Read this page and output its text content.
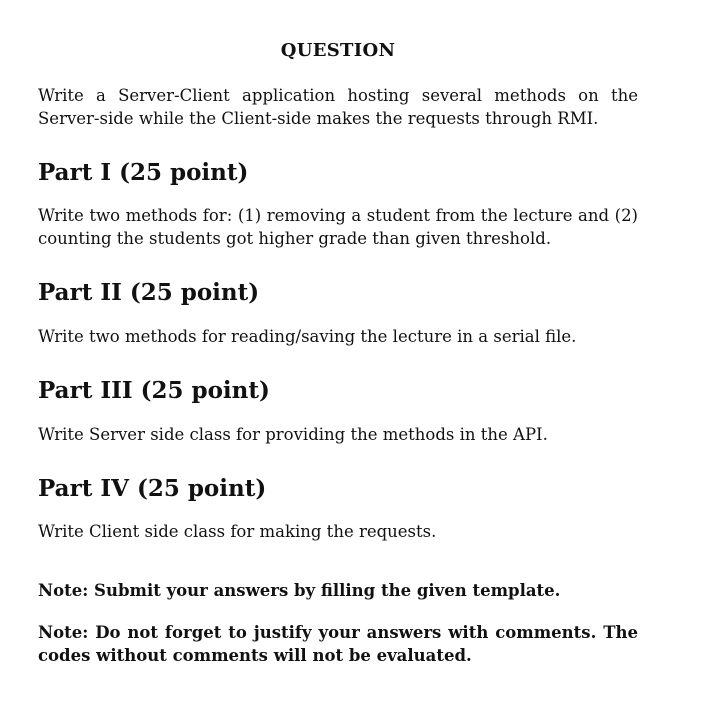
QUESTION
Write a Server-Client application hosting several methods on the Server-side while the Client-side makes the requests through RMI.
Part I (25 point)
Write two methods for: (1) removing a student from the lecture and (2) counting the students got higher grade than given threshold.
Part II (25 point)
Write two methods for reading/saving the lecture in a serial file.
Part III (25 point)
Write Server side class for providing the methods in the API.
Part IV (25 point)
Write Client side class for making the requests.
Note: Submit your answers by filling the given template.
Note: Do not forget to justify your answers with comments. The codes without comments will not be evaluated.
